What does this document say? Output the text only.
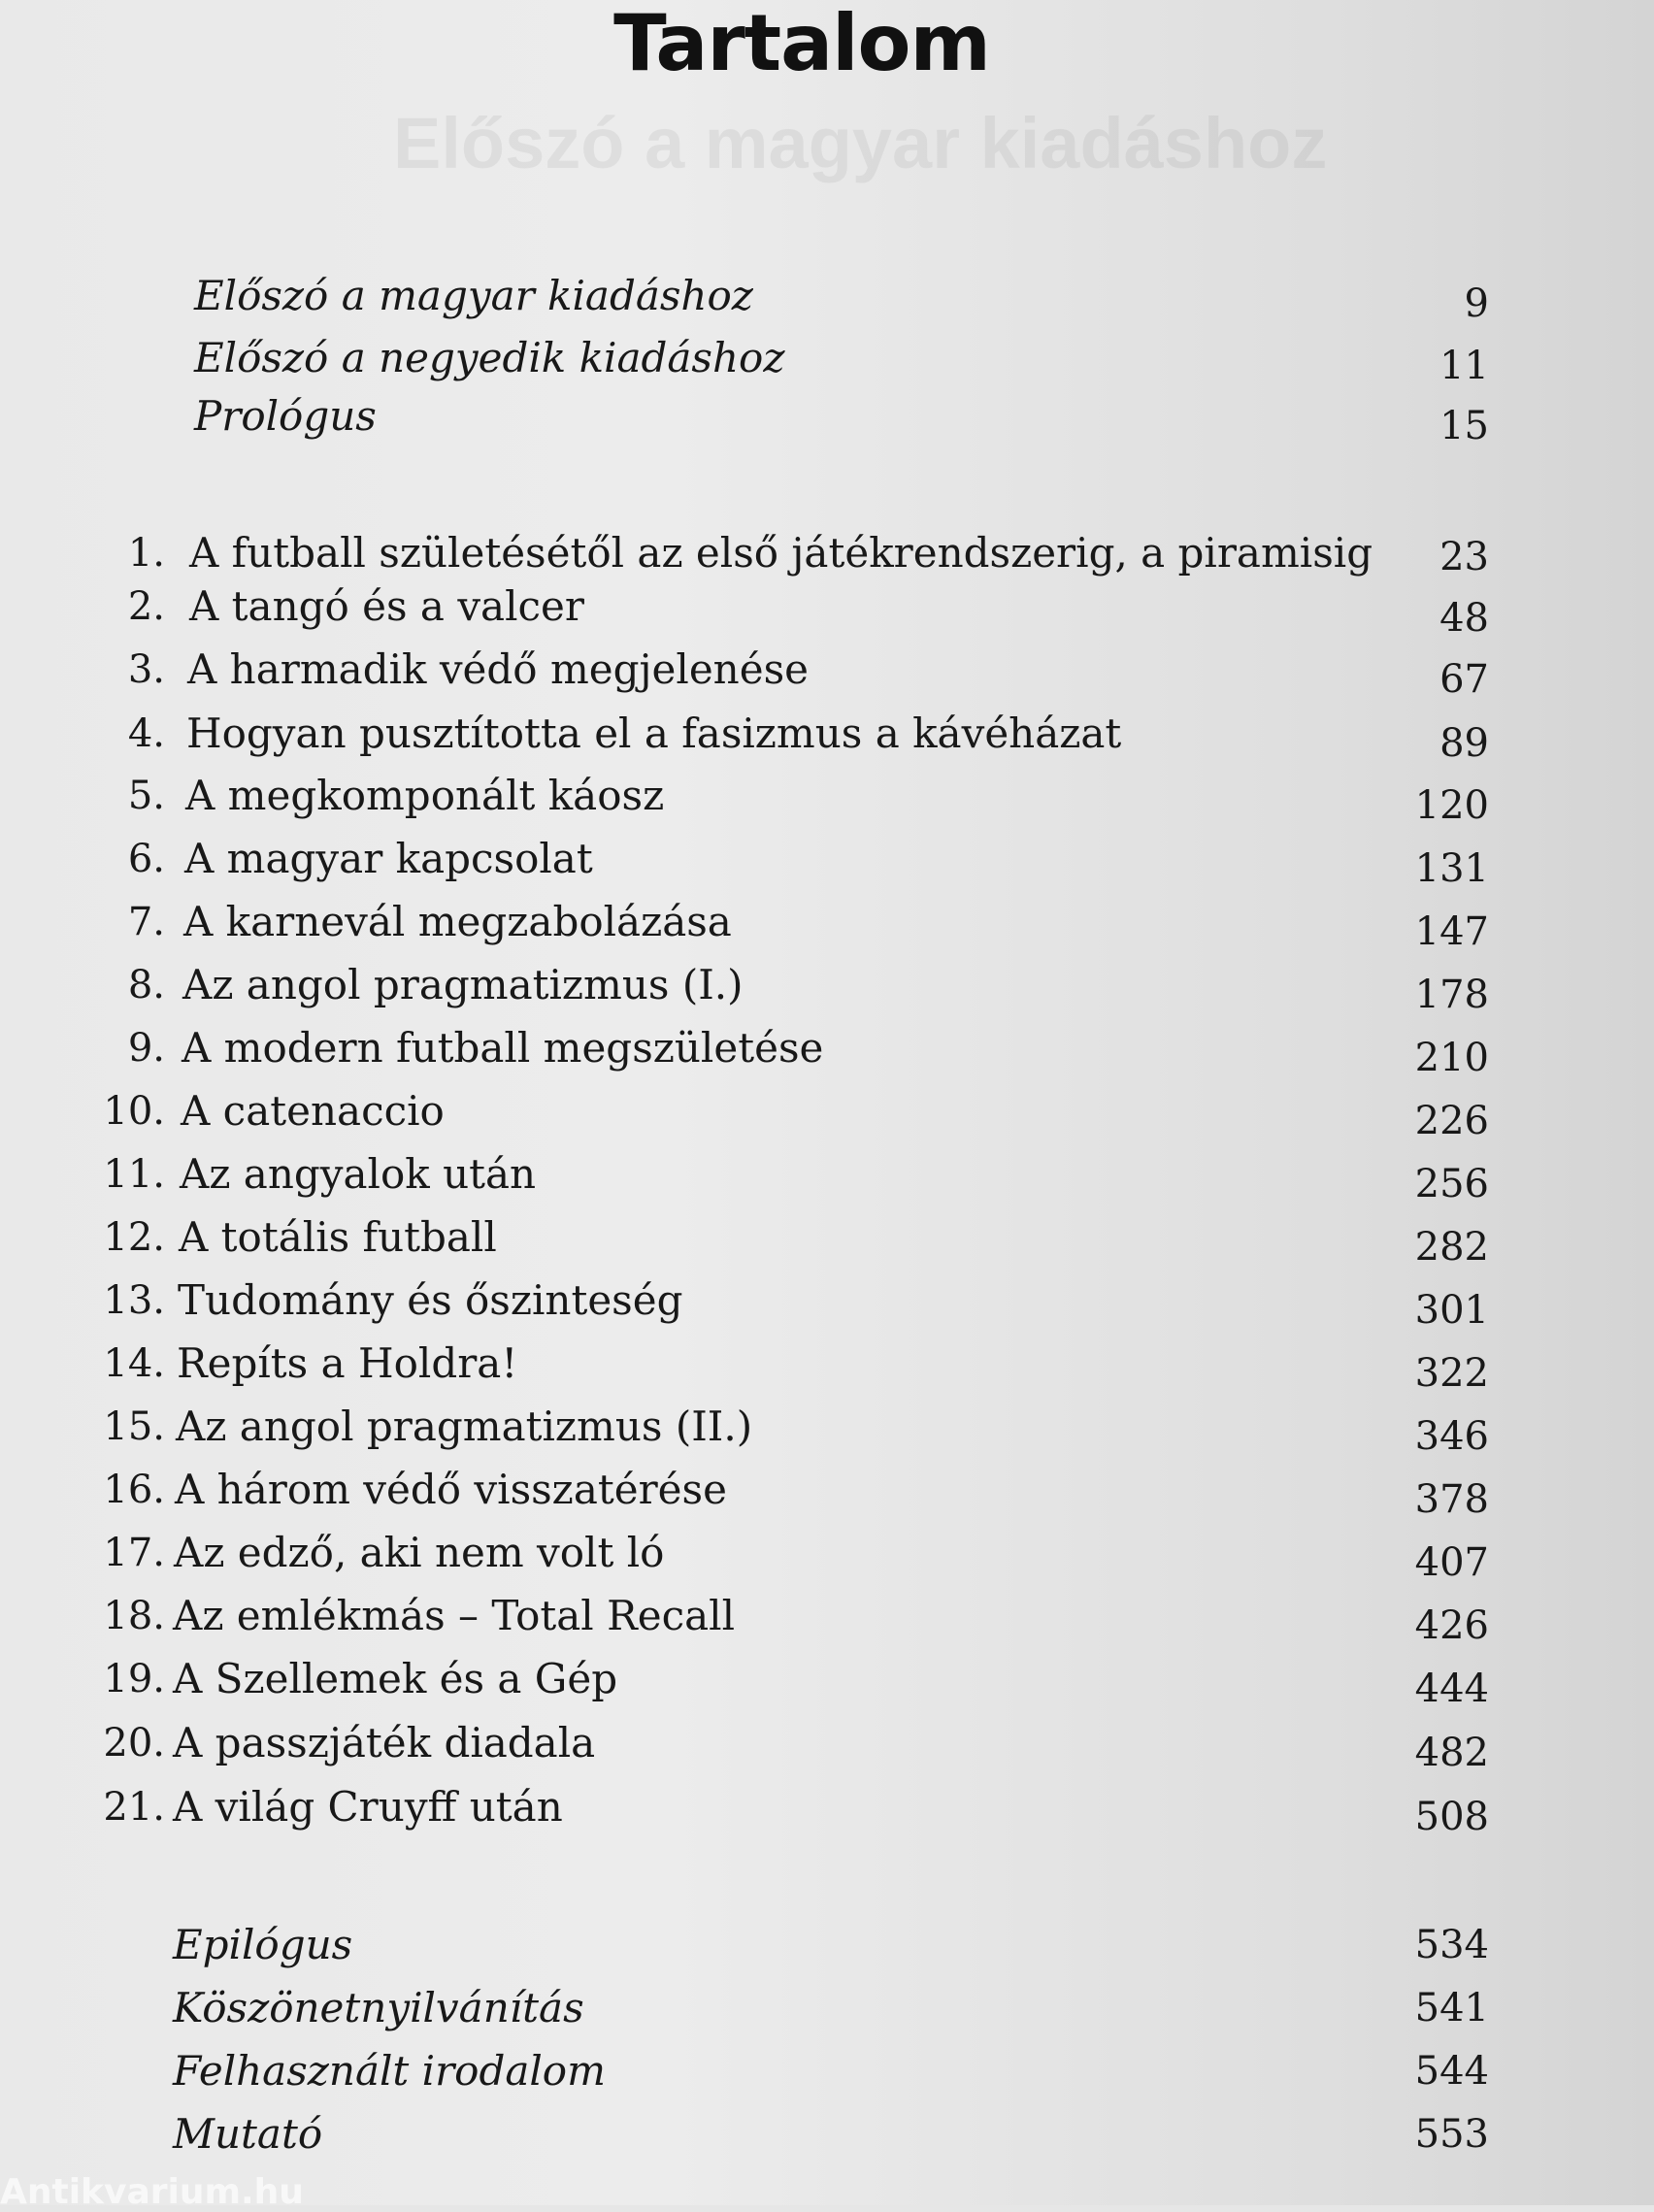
Előszó a magyar kiadáshoz
Tartalom
Előszó a magyar kiadáshoz	9
Előszó a negyedik kiadáshoz	11
Prológus	15
1. A futball születésétől az első játékrendszerig, a piramisig 23
2. A tangó és a valcer	48
3. A harmadik védő megjelenése	67
4. Hogyan pusztította el a fasizmus a kávéházat	89
5. A megkomponált káosz	120
6. A magyar kapcsolat	131
7. A karnevál megzabolázása	147
8. Az angol pragmatizmus (I.)	178
9. A modern futball megszületése	210
10. A catenaccio	226
11. Az angyalok után	256
12. A totális futball	282
13. Tudomány és őszinteség	301
14. Repíts a Holdra!	322
15. Az angol pragmatizmus (II.)	346
16. A három védő visszatérése	378
17. Az edző, aki nem volt ló	407
18. Az emlékmás – Total Recall	426
19. A Szellemek és a Gép	444
20. A passzjáték diadala	482
21. A világ Cruyff után	508
Epilógus	534
Köszönetnyilvánítás	541
Felhasznált irodalom	544
Mutató	553
Antikvarium.hu
